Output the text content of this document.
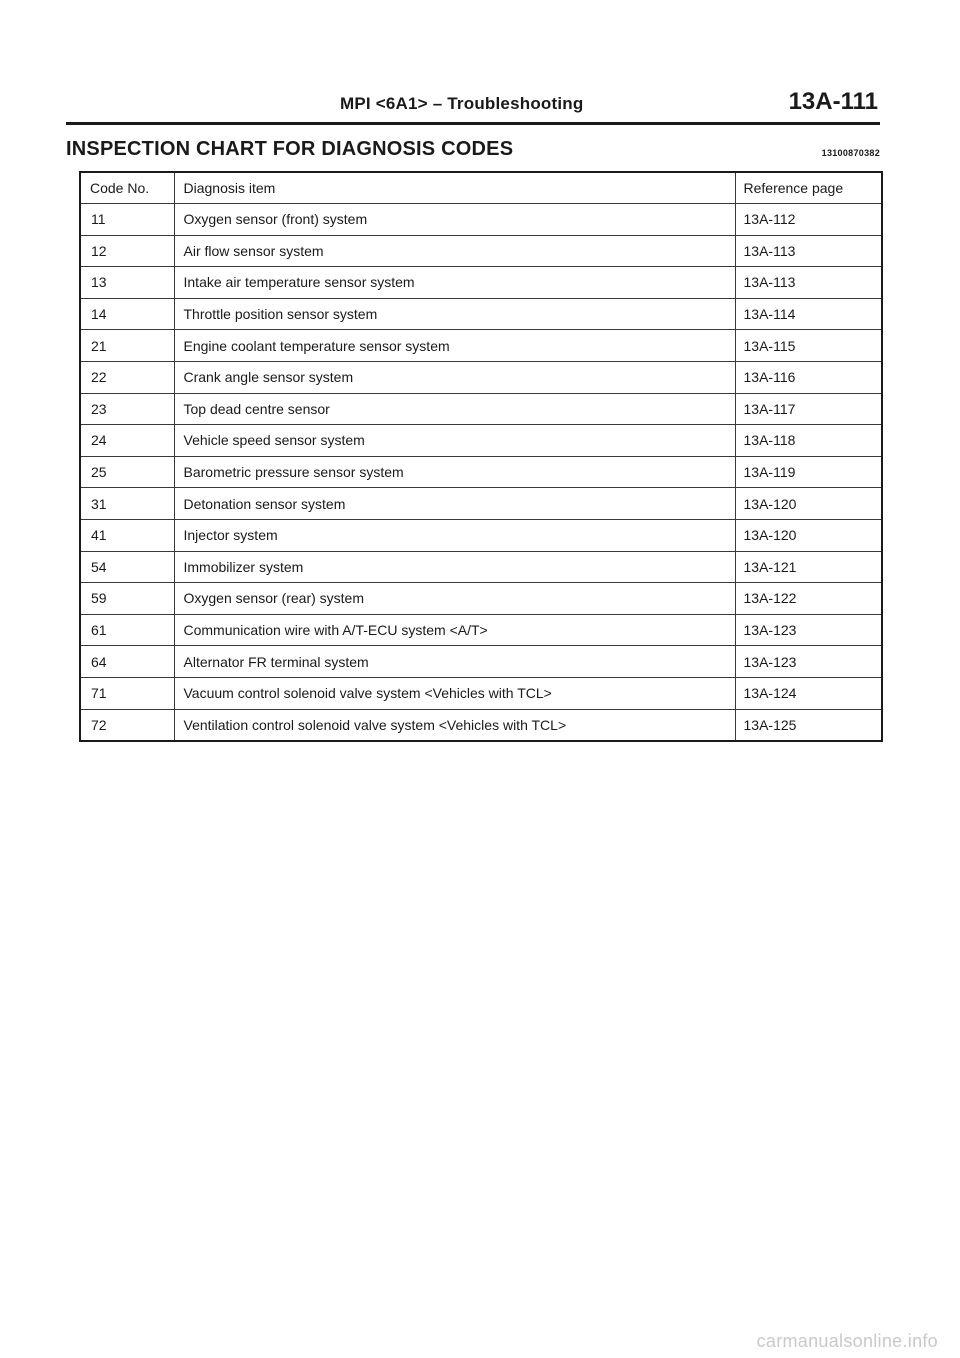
MPI <6A1> – Troubleshooting	13A-111
INSPECTION CHART FOR DIAGNOSIS CODES	13100870382
Code No.	Diagnosis item	Reference page
11	Oxygen sensor (front) system	13A-112
12	Air flow sensor system	13A-113
13	Intake air temperature sensor system	13A-113
14	Throttle position sensor system	13A-114
21	Engine coolant temperature sensor system	13A-115
22	Crank angle sensor system	13A-116
23	Top dead centre sensor	13A-117
24	Vehicle speed sensor system	13A-118
25	Barometric pressure sensor system	13A-119
31	Detonation sensor system	13A-120
41	Injector system	13A-120
54	Immobilizer system	13A-121
59	Oxygen sensor (rear) system	13A-122
61	Communication wire with A/T-ECU system <A/T>	13A-123
64	Alternator FR terminal system	13A-123
71	Vacuum control solenoid valve system <Vehicles with TCL>	13A-124
72	Ventilation control solenoid valve system <Vehicles with TCL>	13A-125
carmanualsonline.info
